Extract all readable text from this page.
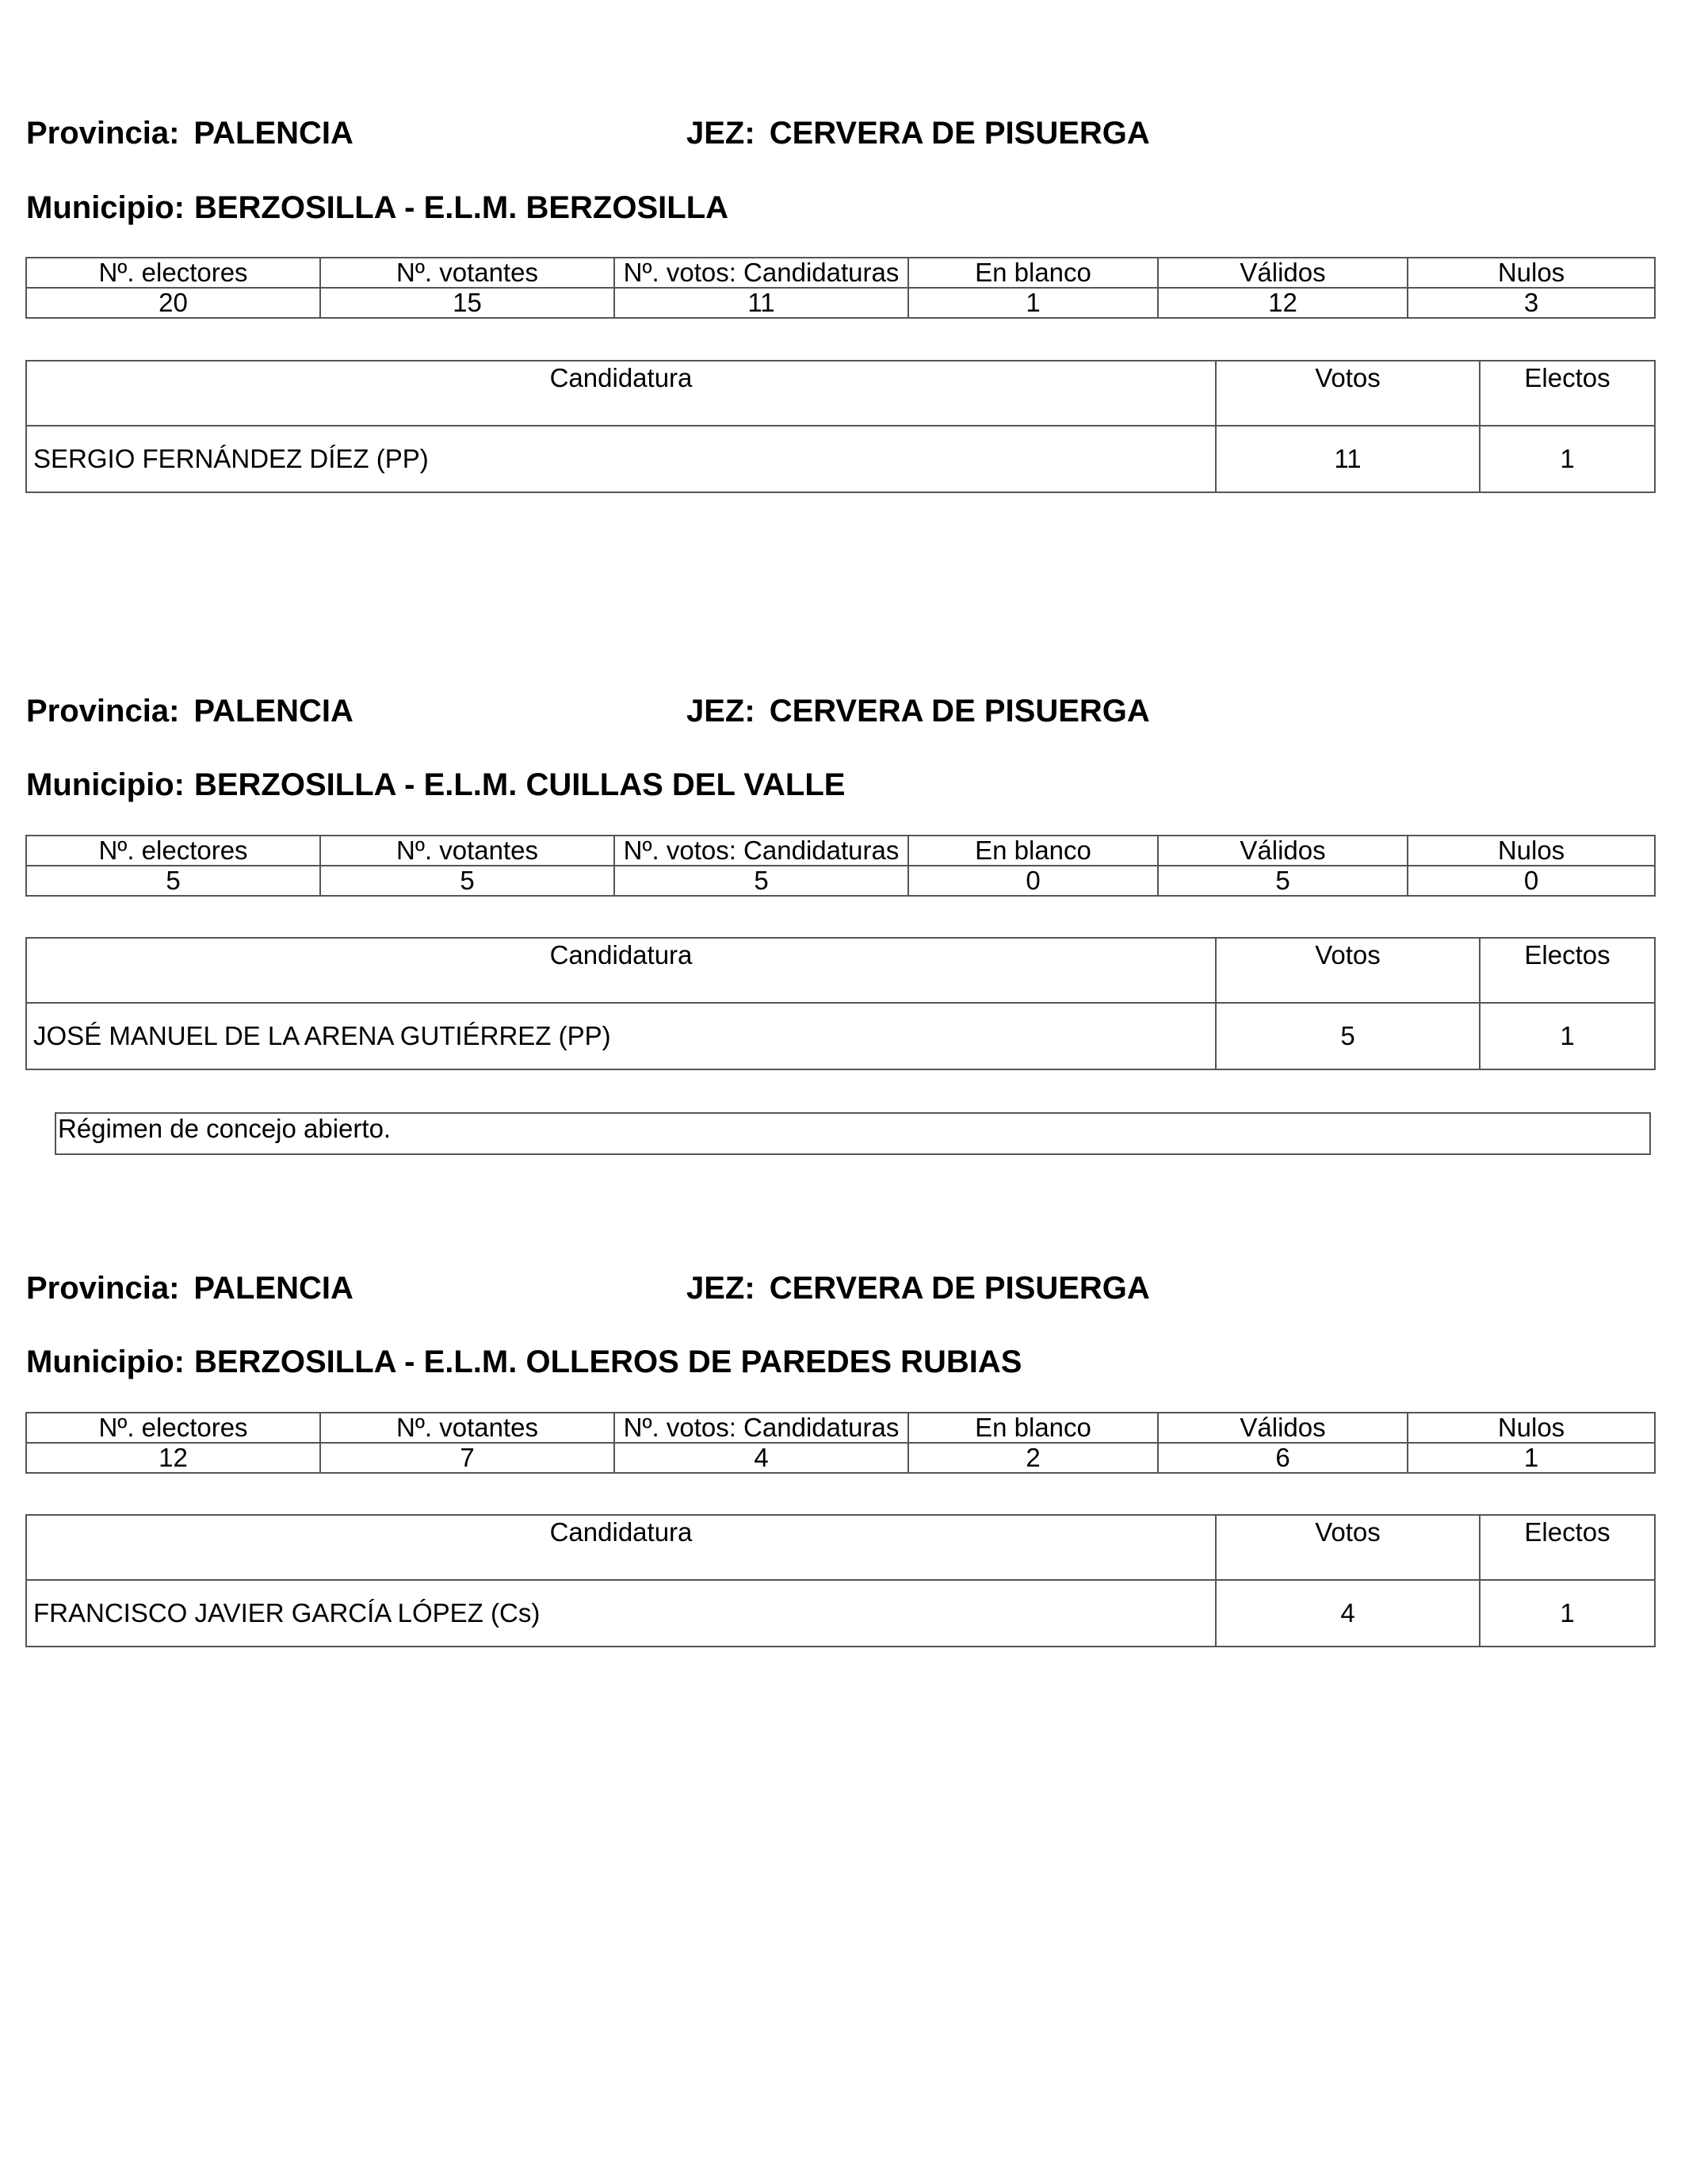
Provincia: PALENCIA	JEZ: CERVERA DE PISUERGA
Municipio: BERZOSILLA - E.L.M. BERZOSILLA
Nº. electores	Nº. votantes	Nº. votos: Candidaturas	En blanco	Válidos	Nulos
20	15	11	1	12	3
Candidatura	Votos	Electos
SERGIO FERNÁNDEZ DÍEZ (PP)	11	1
Provincia: PALENCIA	JEZ: CERVERA DE PISUERGA
Municipio: BERZOSILLA - E.L.M. CUILLAS DEL VALLE
Nº. electores	Nº. votantes	Nº. votos: Candidaturas	En blanco	Válidos	Nulos
5	5	5	0	5	0
Candidatura	Votos	Electos
JOSÉ MANUEL DE LA ARENA GUTIÉRREZ (PP)	5	1
Régimen de concejo abierto.
Provincia: PALENCIA	JEZ: CERVERA DE PISUERGA
Municipio: BERZOSILLA - E.L.M. OLLEROS DE PAREDES RUBIAS
Nº. electores	Nº. votantes	Nº. votos: Candidaturas	En blanco	Válidos	Nulos
12	7	4	2	6	1
Candidatura	Votos	Electos
FRANCISCO JAVIER GARCÍA LÓPEZ (Cs)	4	1
